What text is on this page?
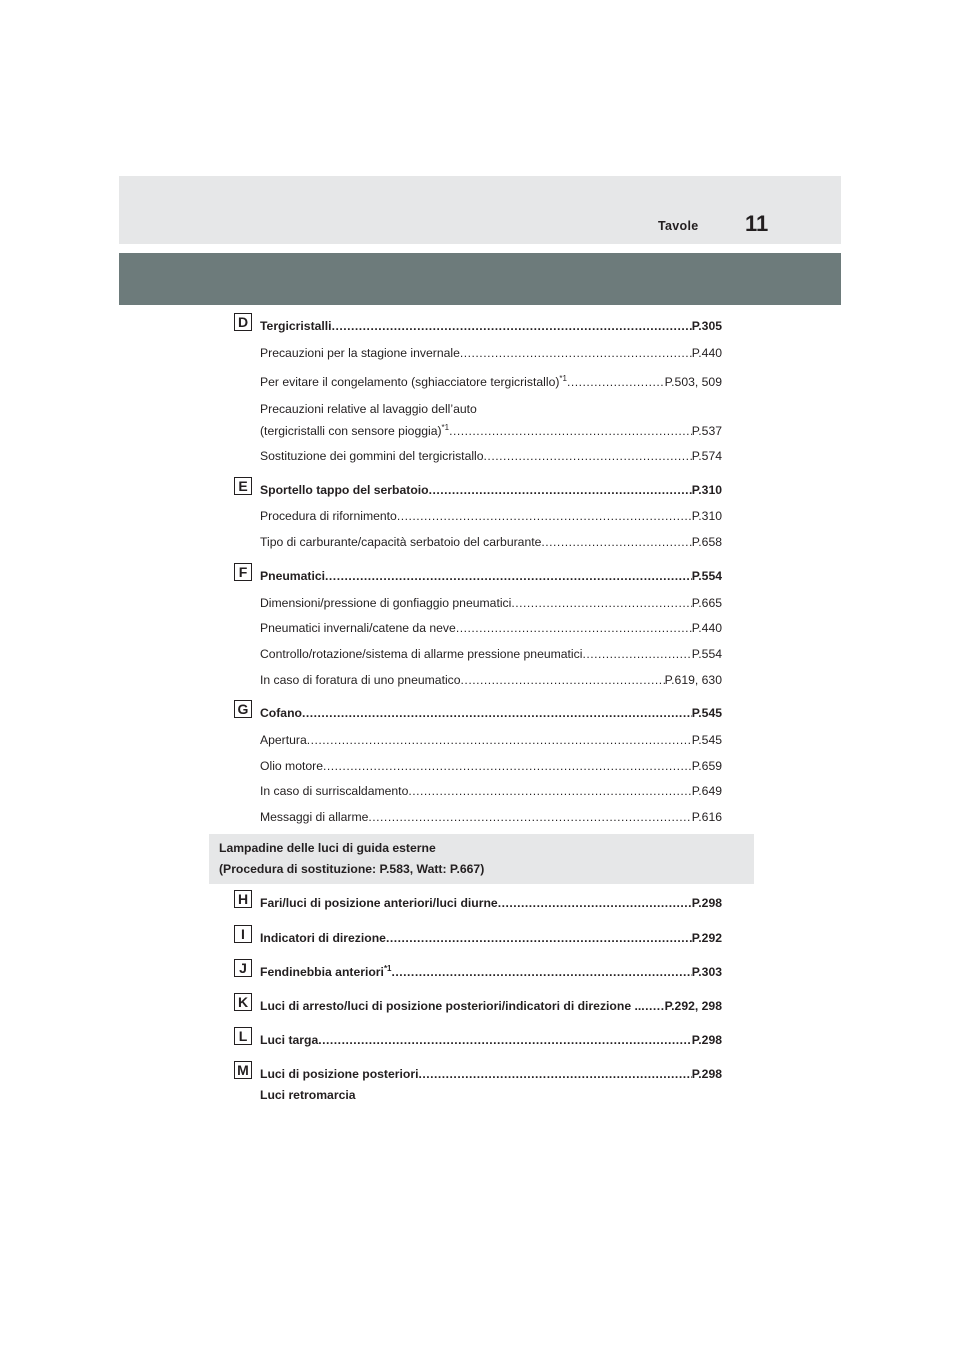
Tavole 11
D Tergicristalli .....	P.305
Precauzioni per la stagione invernale .....	P.440
Per evitare il congelamento (sghiacciatore tergicristallo)$^{*1}$ .....	P.503, 509
Precauzioni relative al lavaggio dell’auto
(tergicristalli con sensore pioggia)$^{*1}$ .....	P.537
Sostituzione dei gommini del tergicristallo .....	P.574
E	Sportello tappo del serbatoio .....	P.310
Procedura di rifornimento .....	P.310
Tipo di carburante/capacità serbatoio del carburante .....	P.658
F	Pneumatici .....	P.554
Dimensioni/pressione di gonfiaggio pneumatici .....	P.665
Pneumatici invernali/catene da neve .....	P.440
Controllo/rotazione/sistema di allarme pressione pneumatici .....	P.554
In caso di foratura di uno pneumatico .....	P.619, 630
G Cofano .....	P.545
Apertura .....	P.545
Olio motore .....	P.659
In caso di surriscaldamento .....	P.649
Messaggi di allarme .....	P.616
Lampadine delle luci di guida esterne
(Procedura di sostituzione: P.583, Watt: P.667)
H Fari/luci di posizione anteriori/luci diurne .....	P.298
I	Indicatori di direzione .....	P.292
J	Fendinebbia anteriori$^{*1}$ .....	P.303
K Luci di arresto/luci di posizione posteriori/indicatori di direzione .. ..... P.292, 298
L	Luci targa .....	P.298
M Luci di posizione posteriori .....	P.298
Luci retromarcia
